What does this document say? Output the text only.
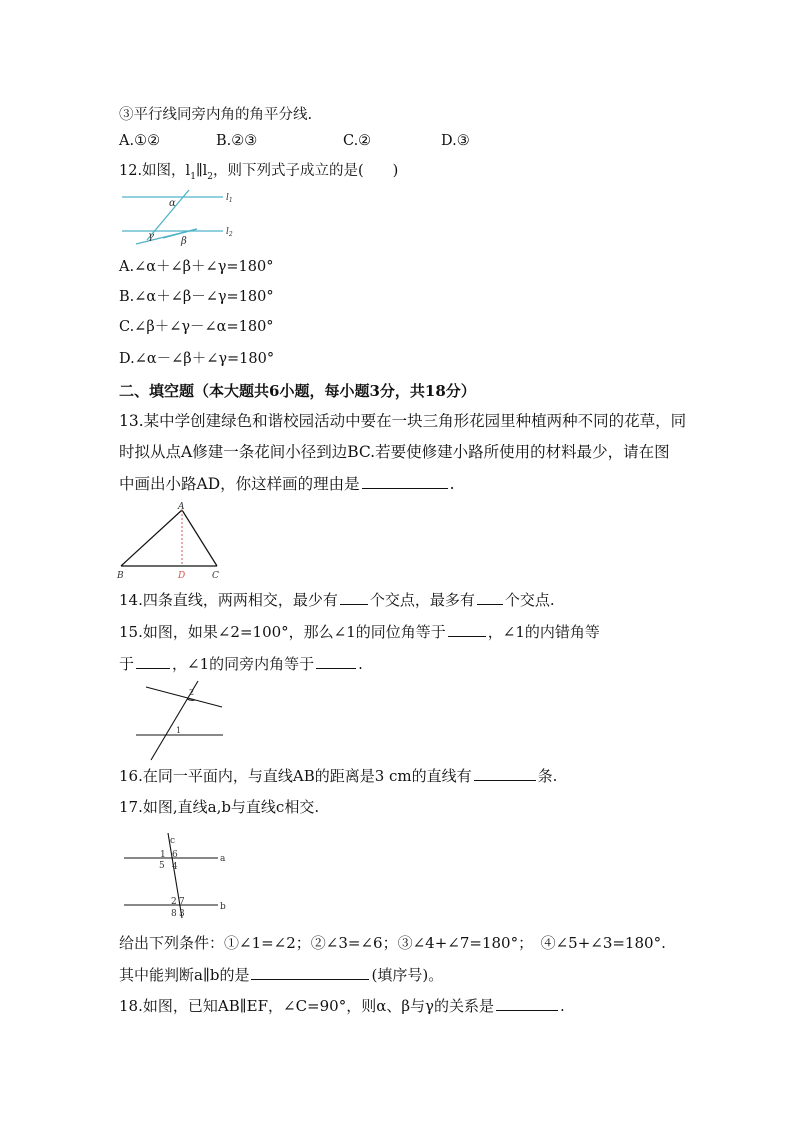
③平行线同旁内角的角平分线.
A.①②	B.②③	C.②	D.③
12.如图，$l_1\parallel l_2$，则下列式子成立的是(　　)
α
γ	β
$l_1$
$l_2$
A.∠α＋∠β＋∠γ=180°
B.∠α＋∠β－∠γ=180°
C.∠β＋∠γ－∠α=180°
D.∠α－∠β＋∠γ=180°
二、填空题（本大题共6小题，每小题3分，共18分）
13.某中学创建绿色和谐校园活动中要在一块三角形花园里种植两种不同的花草，同
时拟从点A修建一条花间小径到边BC.若要使修建小路所使用的材料最少，请在图
中画出小路AD，你这样画的理由是	.
A
B	D	C
14.四条直线，两两相交，最少有 个交点，最多有 个交点.
15.如图，如果∠2=100°，那么∠1的同位角等于	，∠1的内错角等
于	，∠1的同旁内角等于	.
2
1
16.在同一平面内，与直线AB的距离是3 cm的直线有	条.
17.如图,直线a,b与直线c相交.
c
a
b
1 6
5 4
2 7
8 3
给出下列条件：①∠1=∠2；②∠3=∠6；③∠4+∠7=180°；　④∠5+∠3=180°.
其中能判断a∥b的是	(填序号)。
18.如图，已知AB∥EF，∠C=90°，则α、β与γ的关系是	.
